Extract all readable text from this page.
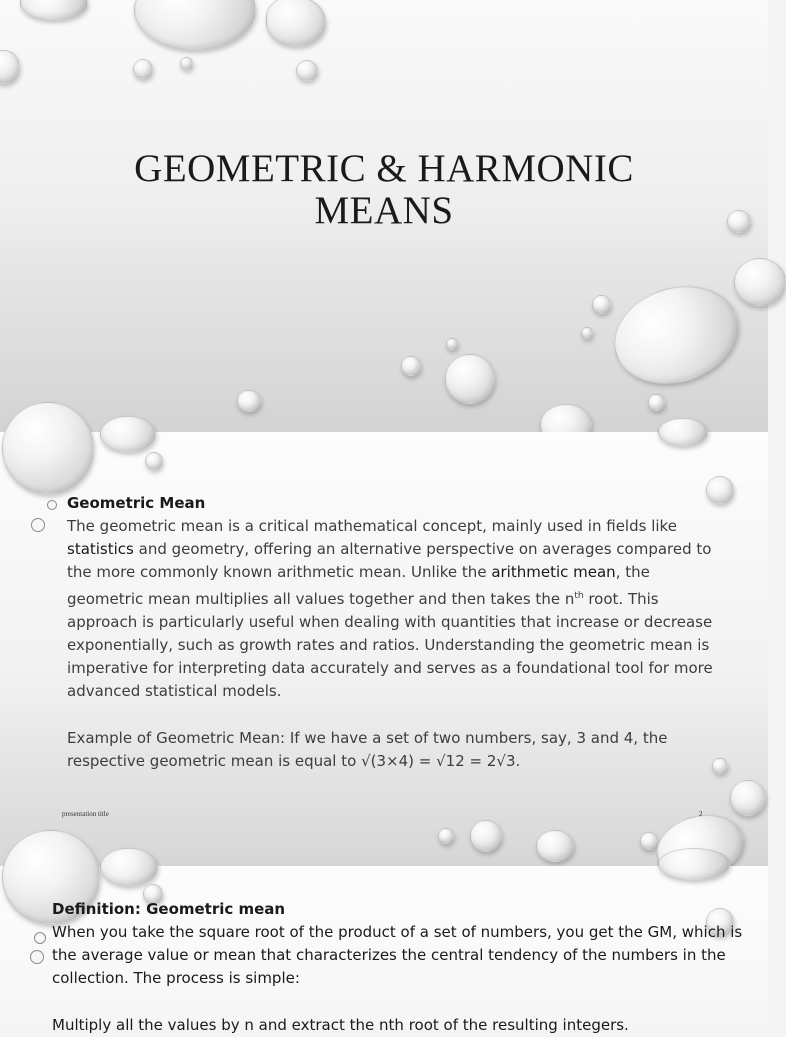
GEOMETRIC & HARMONIC
MEANS

Geometric Mean

The geometric mean is a critical mathematical concept, mainly used in fields like statistics and geometry, offering an alternative perspective on averages compared to the more commonly known arithmetic mean. Unlike the arithmetic mean, the geometric mean multiplies all values together and then takes the $n^{th}$ root. This approach is particularly useful when dealing with quantities that increase or decrease exponentially, such as growth rates and ratios. Understanding the geometric mean is imperative for interpreting data accurately and serves as a foundational tool for more advanced statistical models.

Example of Geometric Mean: If we have a set of two numbers, say, 3 and 4, the respective geometric mean is equal to √(3×4) = √12 = 2√3.

presentation title	2

Definition: Geometric mean

When you take the square root of the product of a set of numbers, you get the GM, which is the average value or mean that characterizes the central tendency of the numbers in the collection. The process is simple:

Multiply all the values by n and extract the nth root of the resulting integers.
